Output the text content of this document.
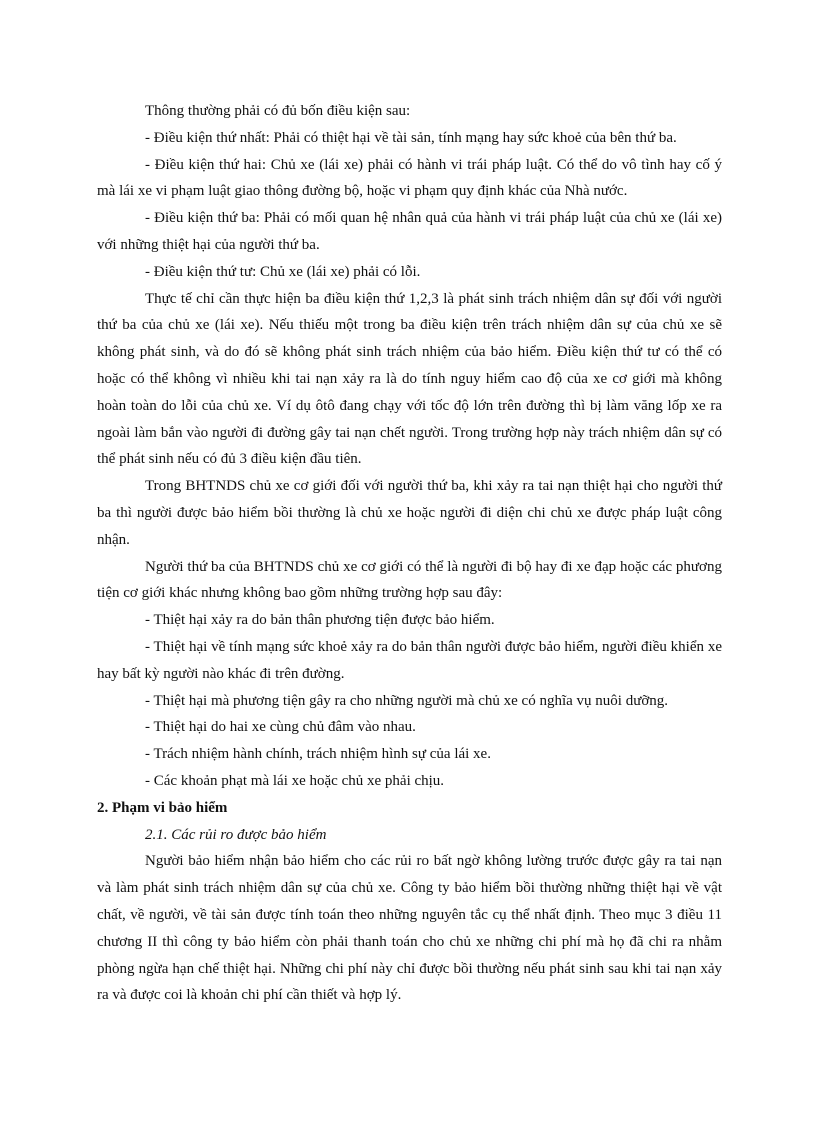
Thông thường phải có đủ bốn điều kiện sau:

- Điều kiện thứ nhất: Phải có thiệt hại về tài sản, tính mạng hay sức khoẻ của bên thứ ba.

- Điều kiện thứ hai: Chủ xe (lái xe) phải có hành vi trái pháp luật. Có thể do vô tình hay cố ý mà lái xe vi phạm luật giao thông đường bộ, hoặc vi phạm quy định khác của Nhà nước.

- Điều kiện thứ ba: Phải có mối quan hệ nhân quả của hành vi trái pháp luật của chủ xe (lái xe) với những thiệt hại của người thứ ba.

- Điều kiện thứ tư: Chủ xe (lái xe) phải có lỗi.

Thực tế chỉ cần thực hiện ba điều kiện thứ 1,2,3 là phát sinh trách nhiệm dân sự đối với người thứ ba của chủ xe (lái xe). Nếu thiếu một trong ba điều kiện trên trách nhiệm dân sự của chủ xe sẽ không phát sinh, và do đó sẽ không phát sinh trách nhiệm của bảo hiểm. Điều kiện thứ tư có thể có hoặc có thể không vì nhiều khi tai nạn xảy ra là do tính nguy hiểm cao độ của xe cơ giới mà không hoàn toàn do lỗi của chủ xe. Ví dụ ôtô đang chạy với tốc độ lớn trên đường thì bị làm văng lốp xe ra ngoài làm bắn vào người đi đường gây tai nạn chết người. Trong trường hợp này trách nhiệm dân sự có thể phát sinh nếu có đủ 3 điều kiện đầu tiên.

Trong BHTNDS chủ xe cơ giới đối với người thứ ba, khi xảy ra tai nạn thiệt hại cho người thứ ba thì người được bảo hiểm bồi thường là chủ xe hoặc người đi diện chi chủ xe được pháp luật công nhận.

Người thứ ba của BHTNDS chủ xe cơ giới có thể là người đi bộ hay đi xe đạp hoặc các phương tiện cơ giới khác nhưng không bao gồm những trường hợp sau đây:

- Thiệt hại xảy ra do bản thân phương tiện được bảo hiểm.

- Thiệt hại về tính mạng sức khoẻ xảy ra do bản thân người được bảo hiểm, người điều khiển xe hay bất kỳ người nào khác đi trên đường.

- Thiệt hại mà phương tiện gây ra cho những người mà chủ xe có nghĩa vụ nuôi dưỡng.

- Thiệt hại do hai xe cùng chủ đâm vào nhau.

- Trách nhiệm hành chính, trách nhiệm hình sự của lái xe.

- Các khoản phạt mà lái xe hoặc chủ xe phải chịu.

2. Phạm vi bảo hiểm

2.1. Các rủi ro được bảo hiểm

Người bảo hiểm nhận bảo hiểm cho các rủi ro bất ngờ không lường trước được gây ra tai nạn và làm phát sinh trách nhiệm dân sự của chủ xe. Công ty bảo hiểm bồi thường những thiệt hại về vật chất, về người, về tài sản được tính toán theo những nguyên tắc cụ thể nhất định. Theo mục 3 điều 11 chương II thì công ty bảo hiểm còn phải thanh toán cho chủ xe những chi phí mà họ đã chi ra nhằm phòng ngừa hạn chế thiệt hại. Những chi phí này chỉ được bồi thường nếu phát sinh sau khi tai nạn xảy ra và được coi là khoản chi phí cần thiết và hợp lý.
